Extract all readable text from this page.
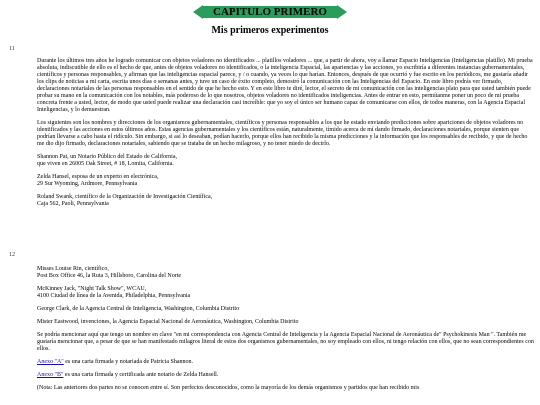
CAPITULO PRIMERO
Mis primeros experimentos
11

Durante los últimos tres años he logrado comunicar con objetos voladores no identificados ... platillos voladores ... que, a partir de ahora, voy a llamar Espacio Inteligencias (Inteligencias platillo). Mi prueba absoluta, indiscutible de ello es el hecho de que, antes de objetos voladores no identificados, o la inteligencia Espacial, las apariencias y las acciones, yo escribiría a diferentes instancias gubernamentales, científicos y personas responsables, y afirman que las inteligencias espacial parece, y / o cuando, ya veces lo que harían. Entonces, después de que ocurrió y fue escrito en los periódicos, me gustaría añadir los clips de noticias a mi carta, escrita unos días o semanas antes, y tuve un caso de éxito completo, demostró la comunicación con las Inteligencias del Espacio. En este libro podrás ver firmado, declaraciones notariales de las personas responsables en el sentido de que he hecho esto. Y en este libro te diré, lector, el secreto de mi comunicación con las inteligencias plato para que usted también puede probar su mano en la comunicación con los notables, más poderoso de lo que nosotros, objetos voladores no identificados inteligencias. Antes de entrar en esto, permítanme poner un poco de mi prueba concreta frente a usted, lector, de modo que usted puede realizar una declaración casi increíble: que yo soy el único ser humano capaz de comunicarse con ellos, de todos maneras, con la Agencia Espacial Inteligencias, y lo demuestran.

Los siguientes son los nombres y direcciones de los organismos gubernamentales, científicos y personas responsables a los que he estado enviando predicciones sobre apariciones de objetos voladores no identificados y las acciones en estos últimos años. Estas agencias gubernamentales y los científicos están, naturalmente, tímido acerca de mí dando firmado, declaraciones notariales, porque sienten que podrían llevarse a cabo hasta el ridículo. Sin embargo, si así lo deseaban, podían hacerlo, porque ellos han recibido la misma predicciones y la información que los responsables de recibido, y que de hecho me dio dijo firmado, declaraciones notariales, sabiendo que se trataba de un hecho milagroso, y no tener miedo de decirlo.

Shannon Pat, un Notario Público del Estado de California,
que viven en 26005 Oak Street, # 18, Lomita, California.

Zelda Hansel, esposa de un experto en electrónica,
29 Sur Wyoming, Ardmore, Pennsylvania

Roland Swank, científico de la Organización de Investigación Científica,
Caja 562, Paoli, Pennsylvania

12

Misses Louise Rin, científico,
Post Box Office 46, la Ruta 3, Hillsboro, Carolina del Norte

McKinney Jack, "Night Talk Show", WCAU,
4100 Ciudad de línea de la Avenida, Philadelphia, Pennsylvania

George Clark, de la Agencia Central de Inteligencia, Washington, Columbia Distrito

Mister Eastwood, invenciones, la Agencia Espacial Nacional de Aeronáutica, Washington, Columbia Distrito

Se podría mencionar aquí que tengo un nombre en clave "en mi correspondencia con Agencia Central de Inteligencia y la Agencia Espacial Nacional de Aeronáutica de" Psychokinesis Man ". También me gustaría mencionar que, a pesar de que se han manifestado milagros literal de estos dos organismos gubernamentales, no soy empleado con ellos, ni tengo relación con ellos, que no sean correspondientes con ellos.

Anexo "A" es una carta firmada y notariada de Patricia Shannon.

Anexo "B" es una carta firmada y certificada ante notario de Zelda Hansell.

(Nota: Las anteriores dos partes no se conocen entre sí. Son perfectos desconocidos, como la mayoría de los demás organismos y partidos que han recibido mis
